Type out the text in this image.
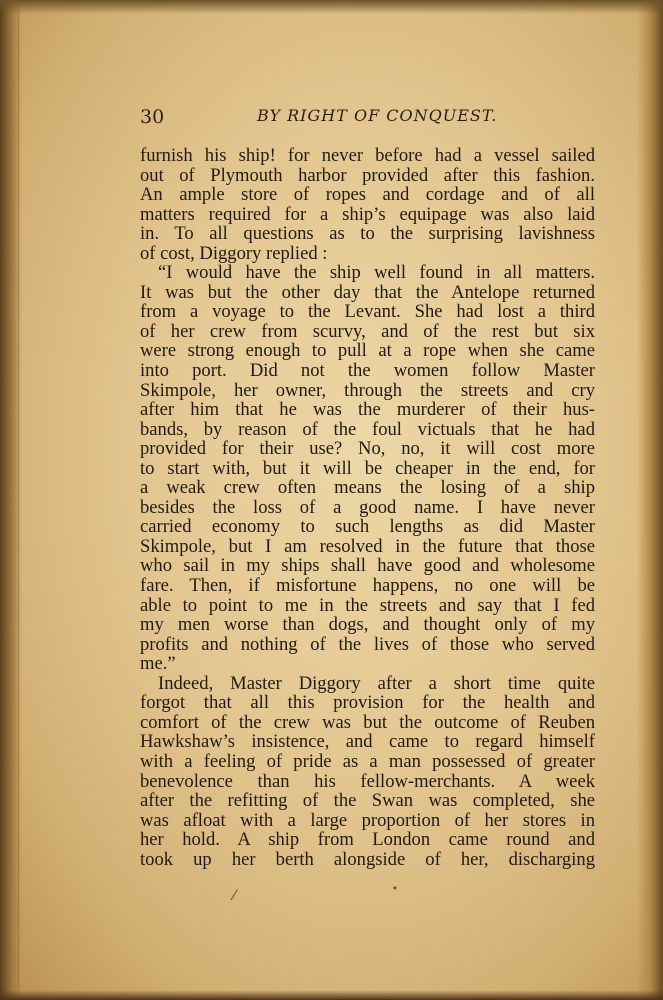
30	BY RIGHT OF CONQUEST.
furnish his ship! for never before had a vessel sailed
out of Plymouth harbor provided after this fashion.
An ample store of ropes and cordage and of all
matters required for a ship’s equipage was also laid
in. To all questions as to the surprising lavishness
of cost, Diggory replied :
“I would have the ship well found in all matters.
It was but the other day that the Antelope returned
from a voyage to the Levant. She had lost a third
of her crew from scurvy, and of the rest but six
were strong enough to pull at a rope when she came
into port. Did not the women follow Master
Skimpole, her owner, through the streets and cry
after him that he was the murderer of their hus-
bands, by reason of the foul victuals that he had
provided for their use? No, no, it will cost more
to start with, but it will be cheaper in the end, for
a weak crew often means the losing of a ship
besides the loss of a good name. I have never
carried economy to such lengths as did Master
Skimpole, but I am resolved in the future that those
who sail in my ships shall have good and wholesome
fare. Then, if misfortune happens, no one will be
able to point to me in the streets and say that I fed
my men worse than dogs, and thought only of my
profits and nothing of the lives of those who served
me.”
Indeed, Master Diggory after a short time quite
forgot that all this provision for the health and
comfort of the crew was but the outcome of Reuben
Hawkshaw’s insistence, and came to regard himself
with a feeling of pride as a man possessed of greater
benevolence than his fellow-merchants. A week
after the refitting of the Swan was completed, she
was afloat with a large proportion of her stores in
her hold. A ship from London came round and
took up her berth alongside of her, discharging
•
⁄
